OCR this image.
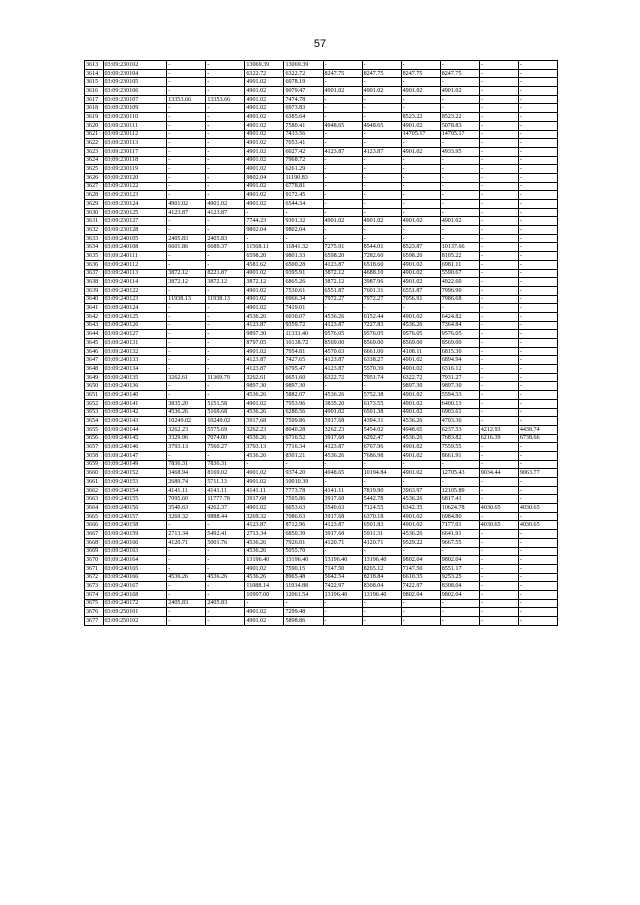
57
3613	03:09:230102	-	-	13069.39	13069.39	-	-	-	-	-	-
3614	03:09:230104	-	-	6322.72	6322.72	8247.75	8247.75	8247.75	8247.75	-	-
3615	03:09:230105	-	-	4901.02	6078.19	-	-	-	-	-	-
3616	03:09:230106	-	-	4901.02	9079.47	4901.02	4901.02	4901.02	4901.02	-	-
3617	03:09:230107	13353.66	13353.66	4901.02	7474.78	-	-	-	-	-	-
3618	03:09:230109	-	-	4901.02	6973.83	-	-	-	-	-	-
3619	03:09:230110	-	-	4901.02	6385.64	-	-	8523.22	8523.22	-	-
3620	03:09:230111	-	-	4901.02	7580.41	4948.65	4948.65	4901.02	5078.83	-	-
3621	03:09:230112	-	-	4901.02	7433.56	-	-	14705.17	14705.17	-	-
3622	03:09:230113	-	-	4901.02	7053.41	-	-	-	-	-	-
3623	03:09:230117	-	-	4901.02	6027.42	4123.87	4123.87	4901.02	4933.95	-	-
3624	03:09:230118	-	-	4901.02	7968.72	-	-	-	-	-	-
3625	03:09:230119	-	-	4901.02	6261.29	-	-	-	-	-	-
3626	03:09:230120	-	-	9802.04	11190.83	-	-	-	-	-	-
3627	03:09:230122	-	-	4901.02	6778.81	-	-	-	-	-	-
3628	03:09:230123	-	-	4901.02	9172.45	-	-	-	-	-	-
3629	03:09:230124	4901.02	4901.02	4901.02	6544.34	-	-	-	-	-	-
3630	03:09:230125	4123.87	4123.87	-	-	-	-	-	-	-	-
3631	03:09:230127	-	-	7744.23	9301.32	4901.02	4901.02	4901.02	4901.02	-	-
3632	03:09:230128	-	-	9802.04	9802.04	-	-	-	-	-	-
3633	03:09:240105	2405.83	2405.83	-	-	-	-	-	-	-	-
3634	03:09:240108	6601.86	6689.37	11568.11	11841.32	7275.91	8544.01	8523.87	10137.66	-	-
3635	03:09:240111	-	-	6598.20	9801.33	6598.20	7282.60	6598.20	8105.22	-	-
3636	03:09:240112	-	-	4581.62	6500.28	4123.87	6518.60	4901.02	6981.11	-	-
3637	03:09:240113	3872.12	8221.87	4901.02	9395.91	3872.12	4688.10	4901.02	5590.67	-	-
3638	03:09:240114	3872.12	3872.12	3872.12	6865.26	3872.12	3987.96	4901.02	4922.60	-	-
3639	03:09:240122	-	-	4901.02	7530.61	6551.87	7601.31	6551.87	7996.90	-	-
3640	03:09:240123	11938.13	11938.13	4901.02	6966.34	7972.27	7972.27	7056.91	7986.68	-	-
3641	03:09:240124	-	-	4901.02	7419.01	-	-	-	-	-	-
3642	03:09:240125	-	-	4536.26	6030.07	4536.26	6152.44	4901.02	6424.82	-	-
3643	03:09:240126	-	-	4123.87	9359.72	4123.87	7227.83	4536.26	7364.84	-	-
3644	03:09:240127	-	-	9897.30	11333.40	9576.05	9576.05	9576.05	9576.05	-	-
3645	03:09:240131	-	-	8797.05	10138.72	8569.00	8569.00	8569.00	8569.00	-	-
3646	03:09:240132	-	-	4901.02	7954.81	4570.63	6661.00	4108.11	6815.30	-	-
3647	03:09:240133	-	-	4123.87	7427.65	4123.87	6338.27	4901.02	6894.94	-	-
3648	03:09:240134	-	-	4123.87	6795.47	4123.87	5570.39	4901.02	6316.12	-	-
3649	03:09:240135	3262.61	11369.79	3262.61	6651.60	6322.72	7951.74	6322.72	7931.27	-	-
3650	03:09:240136	-	-	9897.30	9897.30	-	-	9897.30	9897.30	-	-
3651	03:09:240140	-	-	4536.26	5882.07	4536.26	5752.38	4901.02	5594.33	-	-
3652	03:09:240141	3835.20	5151.58	4901.02	7953.96	3835.20	6173.55	4901.02	6400.13	-	-
3653	03:09:240142	4536.26	5169.68	4536.26	6280.56	4901.02	6501.38	4901.02	6903.61	-	-
3654	03:09:240143	10249.02	10249.02	3917.68	7599.86	3917.68	4394.31	4536.26	4703.36	-	-
3655	03:09:240144	3262.23	5575.69	3262.23	8040.28	3262.23	5454.02	4948.65	6237.53	4212.93	4438.74
3656	03:09:240145	3329.96	7074.00	4536.26	6716.52	3917.68	6292.47	4536.26	7683.82	6216.39	6738.66
3657	03:09:240146	3793.13	7560.27	3793.13	7716.34	4123.87	6767.96	4901.02	7559.55	-	-
3658	03:09:240147	-	-	4536.26	8301.21	4536.26	7686.98	4901.02	8661.91	-	-
3659	03:09:240149	7836.31	7836.31	-	-	-	-	-	-	-	-
3660	03:09:240152	3468.94	8169.02	4901.02	9374.20	4948.65	10194.84	4901.02	12705.43	9034.44	9063.77
3661	03:09:240153	2689.74	5711.13	4901.02	10010.39	-	-	-	-	-	-
3662	03:09:240154	4141.11	4141.11	4141.11	7773.78	4141.11	7819.90	3963.97	12105.89	-	-
3663	03:09:240155	7095.60	11777.78	3917.68	7595.86	3917.68	5442.78	4536.26	6817.41	-	-
3664	03:09:240156	3540.63	4262.37	4901.02	6053.63	3540.63	7124.55	6342.35	10624.78	4030.65	4030.65
3665	03:09:240157	3269.32	9888.44	3269.32	7086.63	3917.68	6370.18	4901.02	6984.80	-	-
3666	03:09:240158	-	-	4123.87	8712.96	4123.87	6501.83	4901.02	7177.01	4030.65	4030.65
3667	03:09:240159	2713.34	5492.41	2713.34	6850.39	3917.68	5911.31	4536.26	6641.91	-	-
3668	03:09:240160	4120.71	5001.76	4536.26	7926.01	4120.71	4120.71	9529.22	9667.55	-	-
3669	03:09:240163	-	-	4536.26	5055.70	-	-	-	-	-	-
3670	03:09:240164	-	-	13196.40	13196.40	13196.40	13196.40	9802.04	9802.04	-	-
3671	03:09:240165	-	-	4901.02	7590.15	7147.50	8265.12	7147.50	8551.17	-	-
3672	03:09:240166	4536.26	4536.26	4536.26	8965.48	5642.54	8218.84	6610.35	9253.25	-	-
3673	03:09:240167	-	-	11088.14	11934.88	7422.97	8308.04	7422.97	8308.04	-	-
3674	03:09:240168	-	-	10997.00	12061.54	13196.40	13196.40	9802.04	9802.04	-	-
3675	03:09:240172	2405.83	2405.83	-	-	-	-	-	-	-	-
3676	03:09:250101	-	-	4901.02	7299.48	-	-	-	-	-	-
3677	03:09:250102	-	-	4901.02	5898.86	-	-	-	-	-	-
